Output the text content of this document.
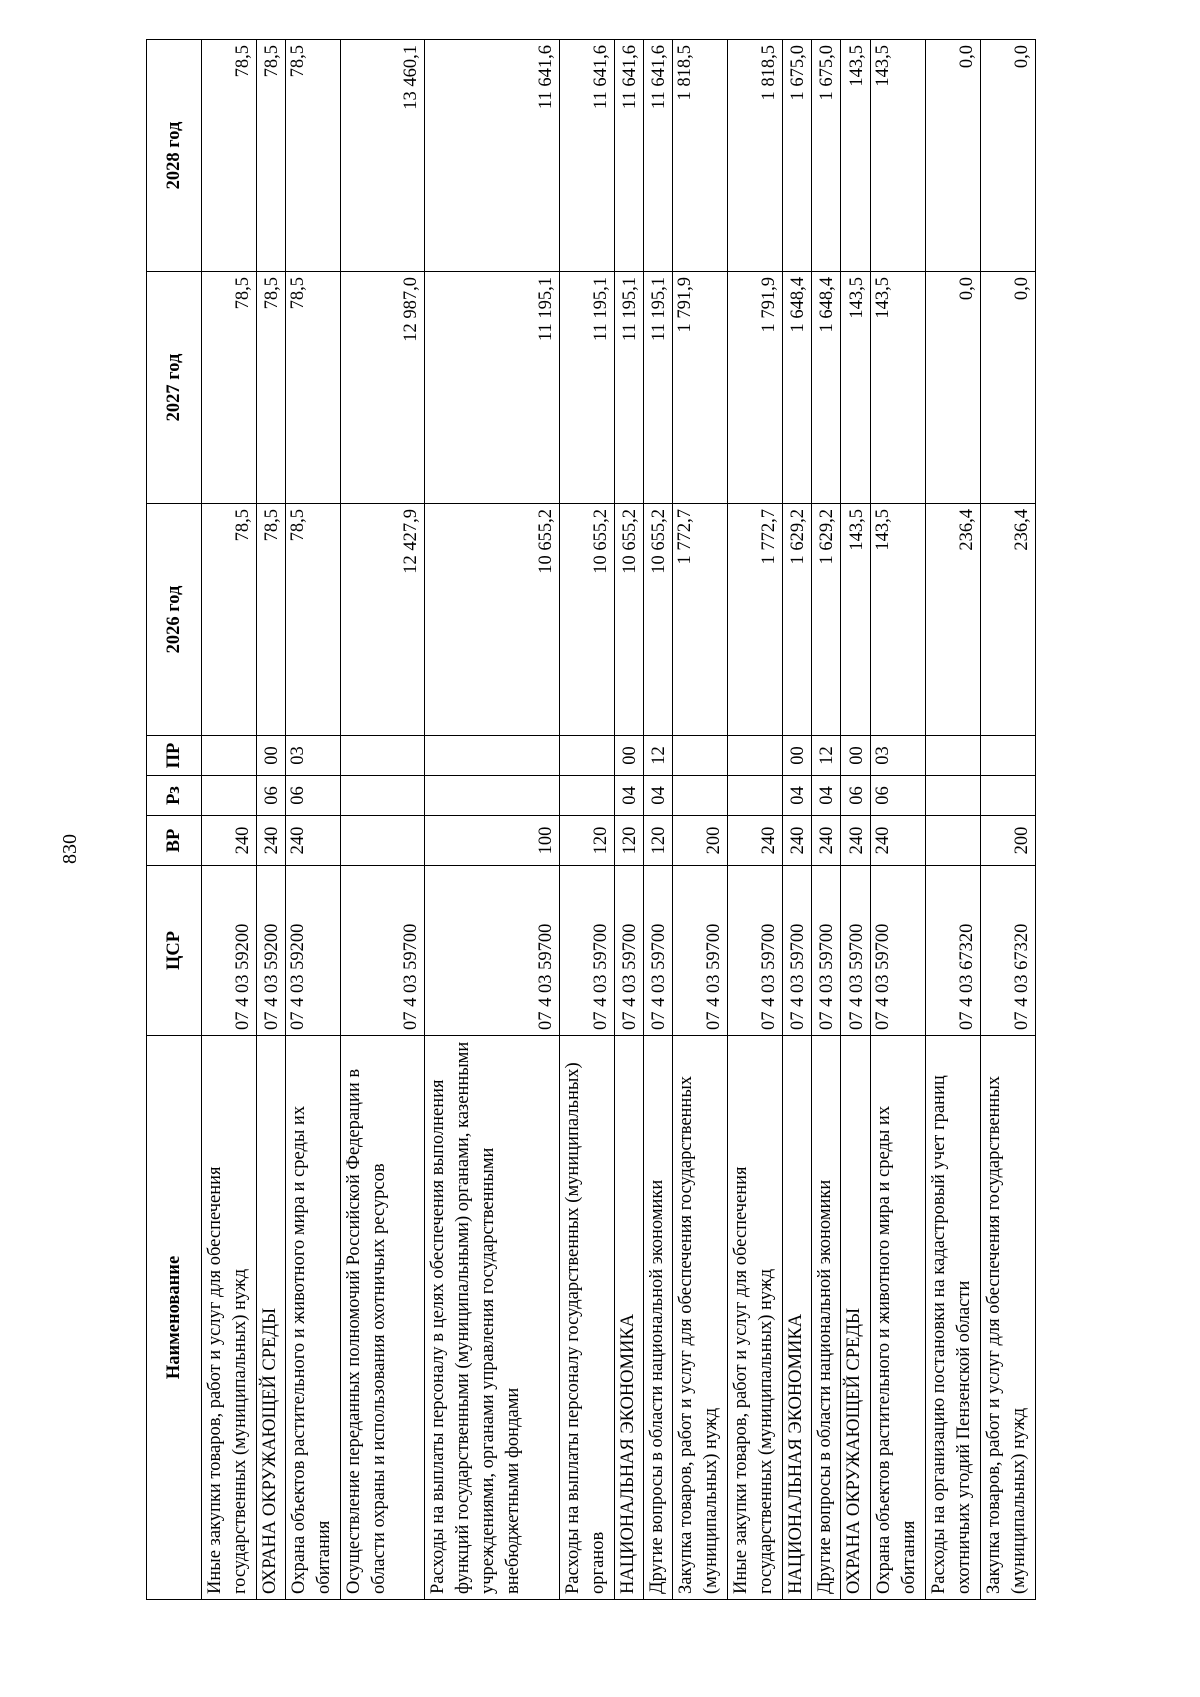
830
Наименование	ЦСР	ВР	Рз	ПР	2026 год	2027 год	2028 год
Иные закупки товаров, работ и услуг для обеспечения государственных (муниципальных) нужд	07 4 03 59200	240			78,5	78,5	78,5
ОХРАНА ОКРУЖАЮЩЕЙ СРЕДЫ	07 4 03 59200	240	06	00	78,5	78,5	78,5
Охрана объектов растительного и животного мира и среды их обитания	07 4 03 59200	240	06	03	78,5	78,5	78,5
Осуществление переданных полномочий Российской Федерации в области охраны и использования охотничьих ресурсов	07 4 03 59700				12 427,9	12 987,0	13 460,1
Расходы на выплаты персоналу в целях обеспечения выполнения функций государственными (муниципальными) органами, казенными учреждениями, органами управления государственными внебюджетными фондами	07 4 03 59700	100			10 655,2	11 195,1	11 641,6
Расходы на выплаты персоналу государственных (муниципальных) органов	07 4 03 59700	120			10 655,2	11 195,1	11 641,6
НАЦИОНАЛЬНАЯ ЭКОНОМИКА	07 4 03 59700	120	04	00	10 655,2	11 195,1	11 641,6
Другие вопросы в области национальной экономики	07 4 03 59700	120	04	12	10 655,2	11 195,1	11 641,6
Закупка товаров, работ и услуг для обеспечения государственных (муниципальных) нужд	07 4 03 59700	200			1 772,7	1 791,9	1 818,5
Иные закупки товаров, работ и услуг для обеспечения государственных (муниципальных) нужд	07 4 03 59700	240			1 772,7	1 791,9	1 818,5
НАЦИОНАЛЬНАЯ ЭКОНОМИКА	07 4 03 59700	240	04	00	1 629,2	1 648,4	1 675,0
Другие вопросы в области национальной экономики	07 4 03 59700	240	04	12	1 629,2	1 648,4	1 675,0
ОХРАНА ОКРУЖАЮЩЕЙ СРЕДЫ	07 4 03 59700	240	06	00	143,5	143,5	143,5
Охрана объектов растительного и животного мира и среды их обитания	07 4 03 59700	240	06	03	143,5	143,5	143,5
Расходы на организацию постановки на кадастровый учет границ охотничьих угодий Пензенской области	07 4 03 67320				236,4	0,0	0,0
Закупка товаров, работ и услуг для обеспечения государственных (муниципальных) нужд	07 4 03 67320	200			236,4	0,0	0,0
